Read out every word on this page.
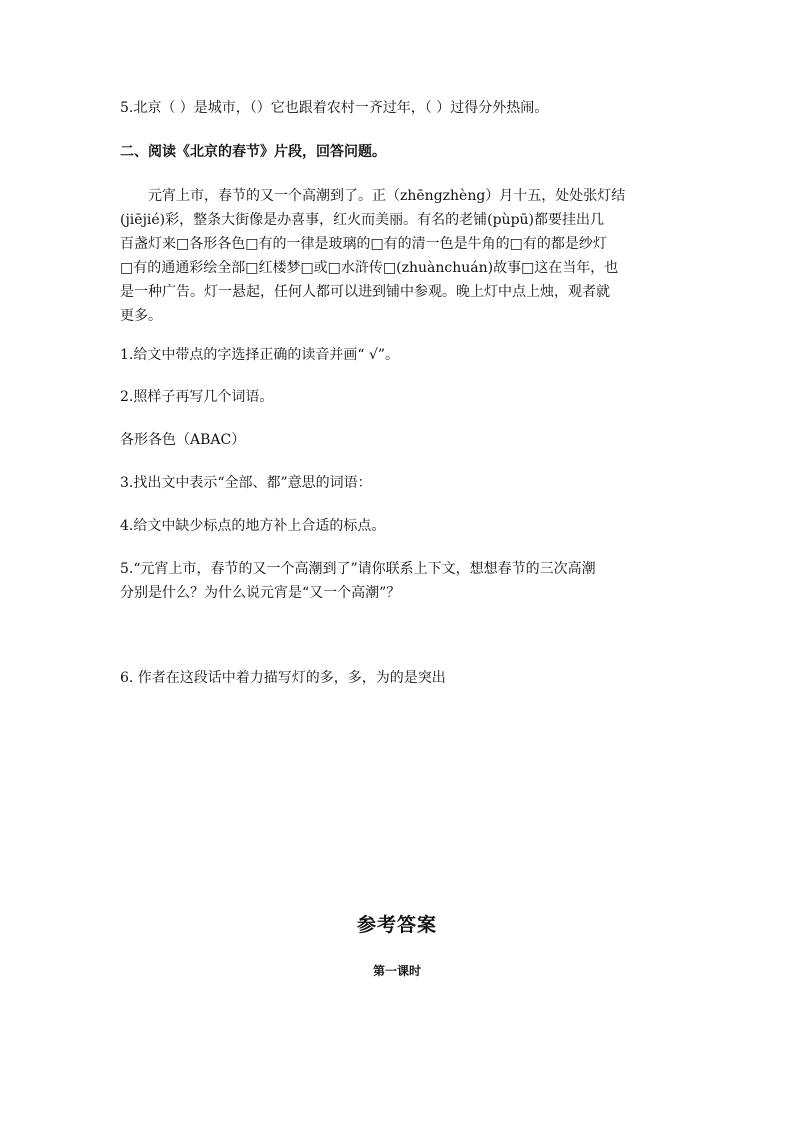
5.北京（ ）是城市，（）它也跟着农村一齐过年，（ ）过得分外热闹。
二、阅读《北京的春节》片段，回答问题。
元宵上市，春节的又一个高潮到了。正（zhēngzhèng）月十五，处处张灯结
(jiējié)彩，整条大街像是办喜事，红火而美丽。有名的老铺(pùpū)都要挂出几
百盏灯来□各形各色□有的一律是玻璃的□有的清一色是牛角的□有的都是纱灯
□有的通通彩绘全部□红楼梦□或□水浒传□(zhuànchuán)故事□这在当年，也
是一种广告。灯一悬起，任何人都可以进到铺中参观。晚上灯中点上烛，观者就
更多。
1.给文中带点的字选择正确的读音并画“ √”。
2.照样子再写几个词语。
各形各色（ABAC）
3.找出文中表示“全部、都”意思的词语：
4.给文中缺少标点的地方补上合适的标点。
5.“元宵上市，春节的又一个高潮到了”请你联系上下文，想想春节的三次高潮
分别是什么？为什么说元宵是“又一个高潮”？
6. 作者在这段话中着力描写灯的多，多，为的是突出
参考答案
第一课时
